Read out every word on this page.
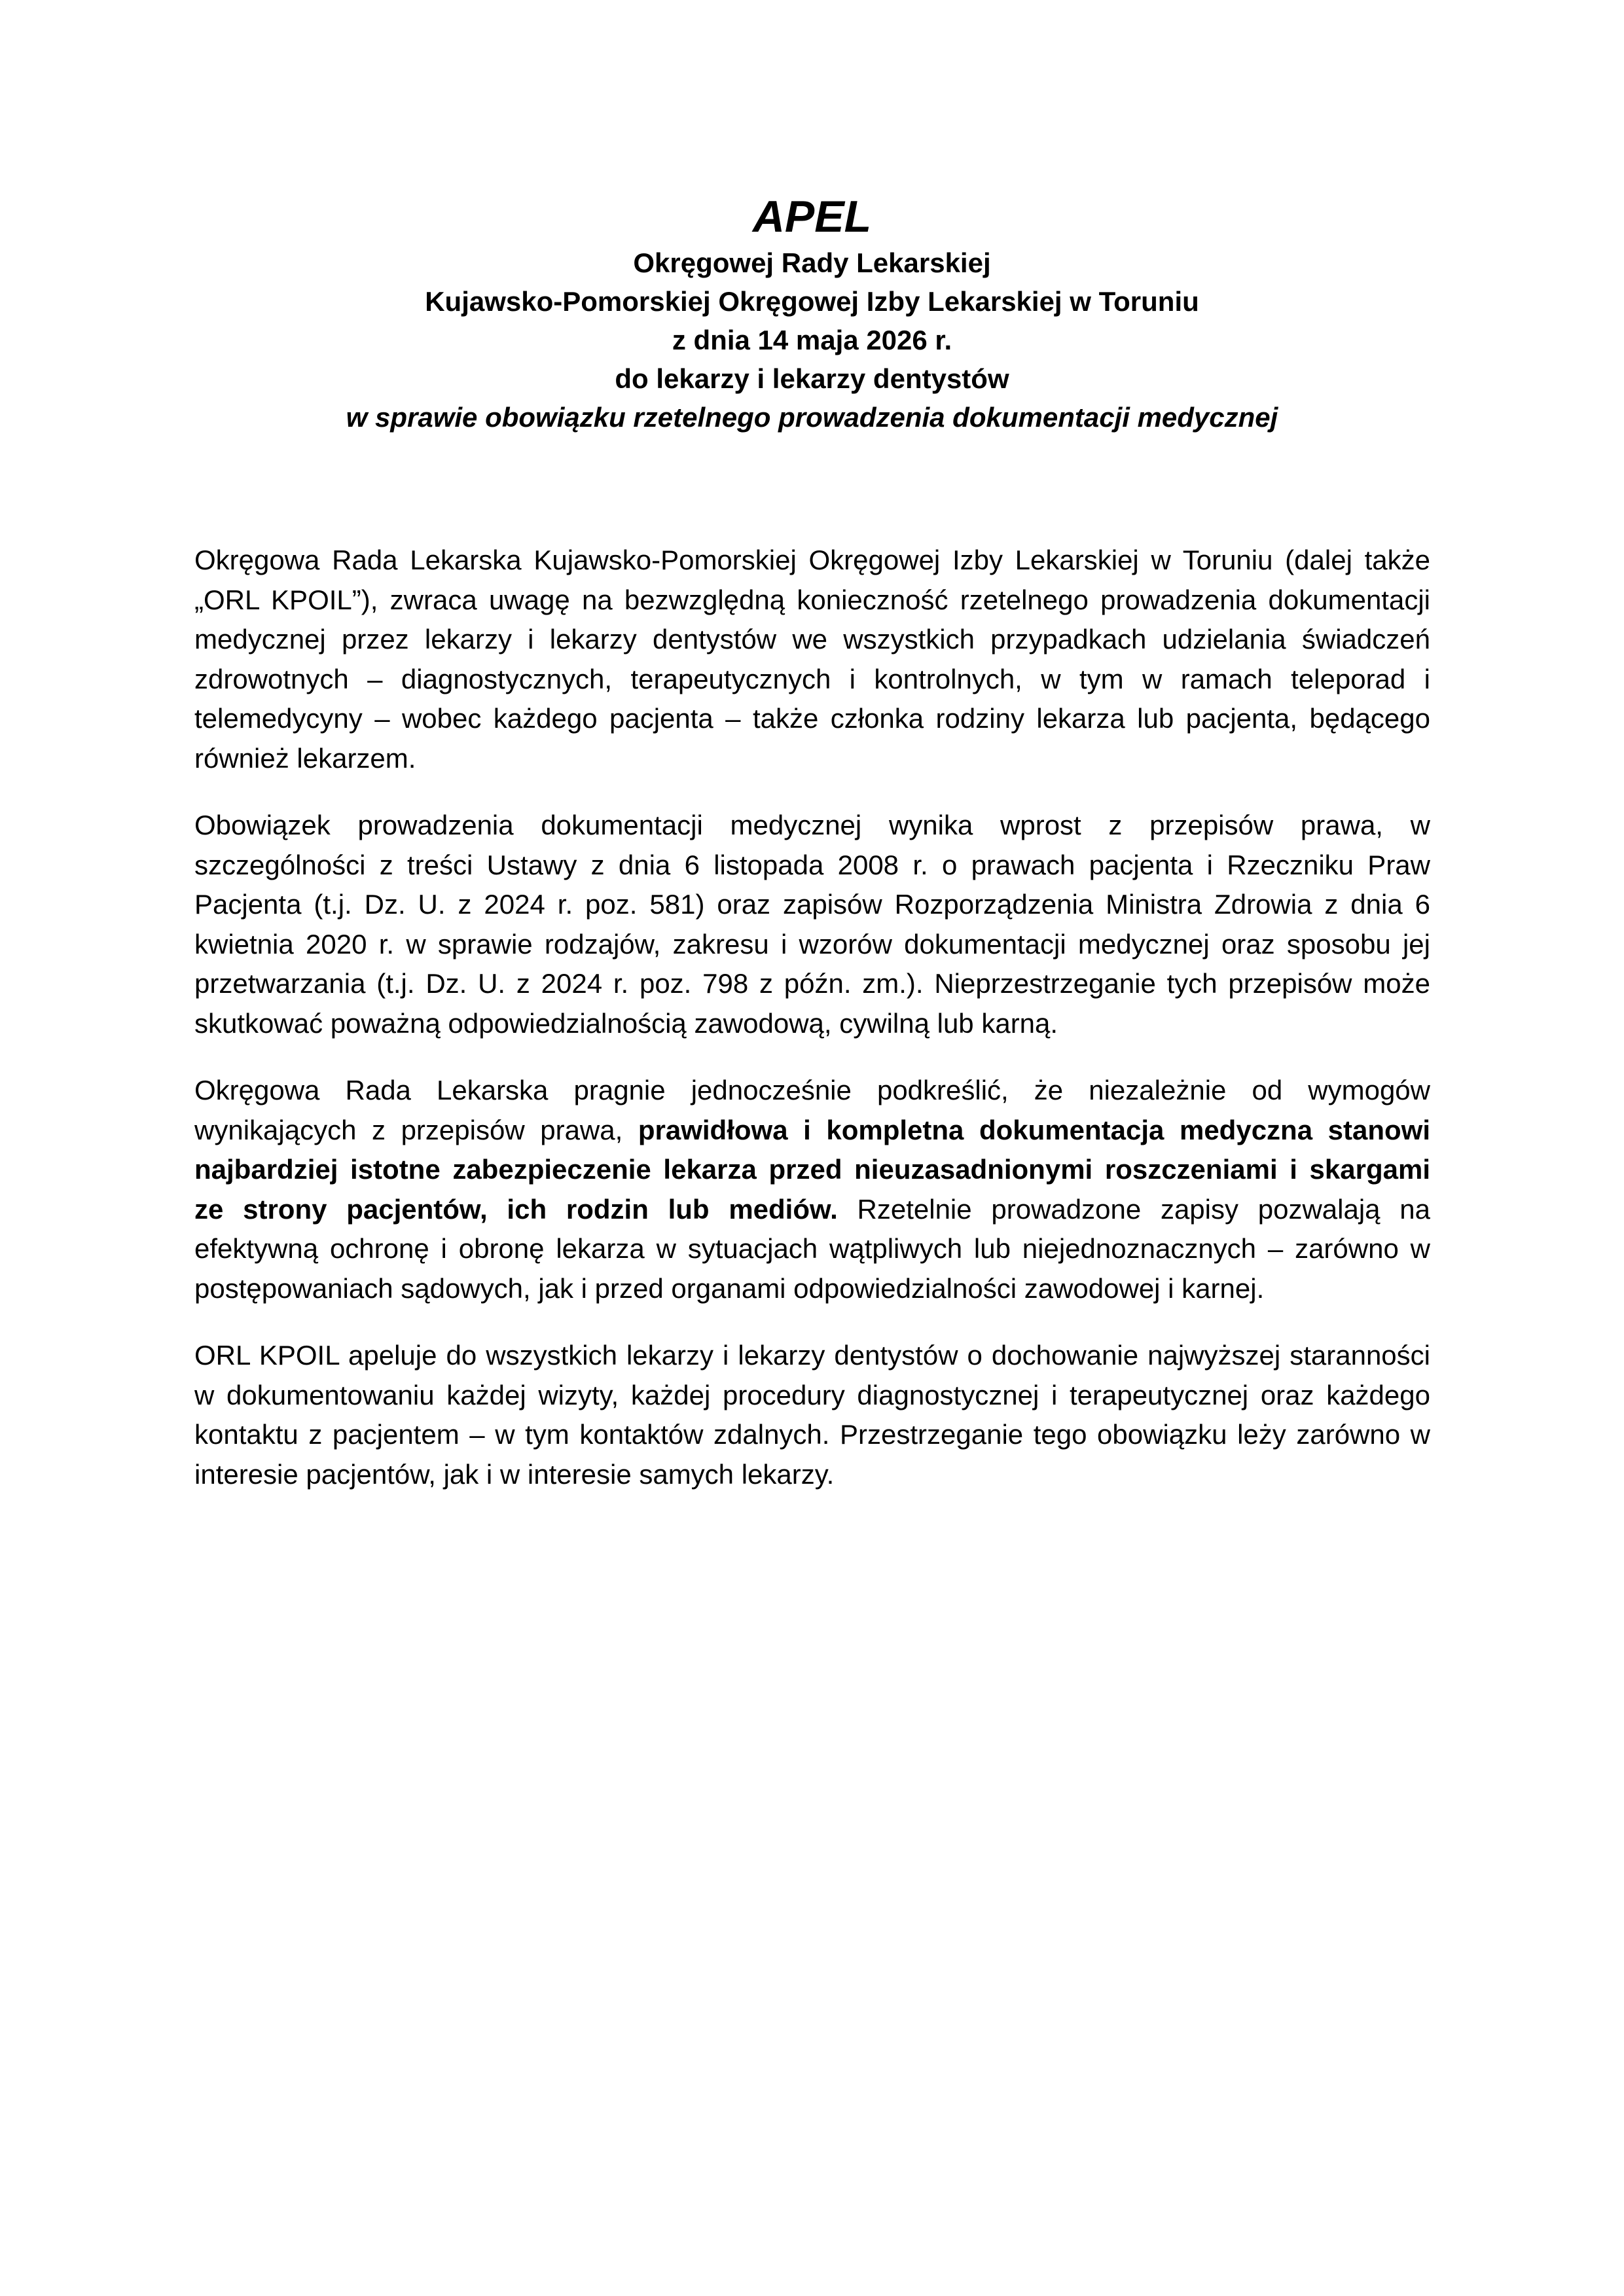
APEL

Okręgowej Rady Lekarskiej

Kujawsko-Pomorskiej Okręgowej Izby Lekarskiej w Toruniu

z dnia 14 maja 2026 r.

do lekarzy i lekarzy dentystów

w sprawie obowiązku rzetelnego prowadzenia dokumentacji medycznej

Okręgowa Rada Lekarska Kujawsko-Pomorskiej Okręgowej Izby Lekarskiej w Toruniu (dalej także „ORL KPOIL”), zwraca uwagę na bezwzględną konieczność rzetelnego prowadzenia dokumentacji medycznej przez lekarzy i lekarzy dentystów we wszystkich przypadkach udzielania świadczeń zdrowotnych – diagnostycznych, terapeutycznych i kontrolnych, w tym w ramach teleporad i telemedycyny – wobec każdego pacjenta – także członka rodziny lekarza lub pacjenta, będącego również lekarzem.

Obowiązek prowadzenia dokumentacji medycznej wynika wprost z przepisów prawa, w szczególności z treści Ustawy z dnia 6 listopada 2008 r. o prawach pacjenta i Rzeczniku Praw Pacjenta (t.j. Dz. U. z 2024 r. poz. 581) oraz zapisów Rozporządzenia Ministra Zdrowia z dnia 6 kwietnia 2020 r. w sprawie rodzajów, zakresu i wzorów dokumentacji medycznej oraz sposobu jej przetwarzania (t.j. Dz. U. z 2024 r. poz. 798 z późn. zm.). Nieprzestrzeganie tych przepisów może skutkować poważną odpowiedzialnością zawodową, cywilną lub karną.

Okręgowa Rada Lekarska pragnie jednocześnie podkreślić, że niezależnie od wymogów wynikających z przepisów prawa, prawidłowa i kompletna dokumentacja medyczna stanowi najbardziej istotne zabezpieczenie lekarza przed nieuzasadnionymi roszczeniami i skargami ze strony pacjentów, ich rodzin lub mediów. Rzetelnie prowadzone zapisy pozwalają na efektywną ochronę i obronę lekarza w sytuacjach wątpliwych lub niejednoznacznych – zarówno w postępowaniach sądowych, jak i przed organami odpowiedzialności zawodowej i karnej.

ORL KPOIL apeluje do wszystkich lekarzy i lekarzy dentystów o dochowanie najwyższej staranności w dokumentowaniu każdej wizyty, każdej procedury diagnostycznej i terapeutycznej oraz każdego kontaktu z pacjentem – w tym kontaktów zdalnych. Przestrzeganie tego obowiązku leży zarówno w interesie pacjentów, jak i w interesie samych lekarzy.
